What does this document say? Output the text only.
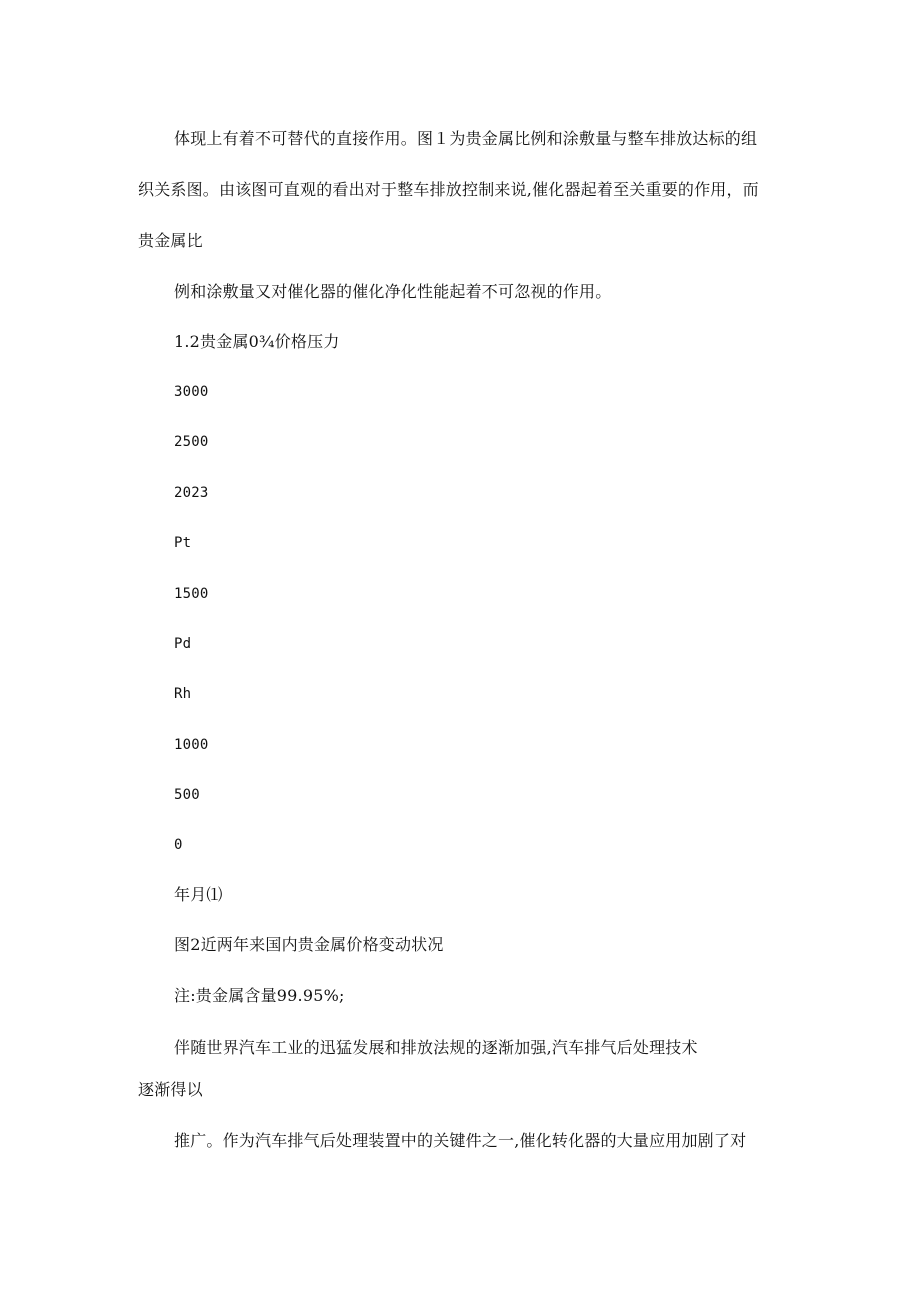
体现上有着不可替代的直接作用。图１为贵金属比例和涂敷量与整车排放达标的组
织关系图。由该图可直观的看出对于整车排放控制来说,催化器起着至关重要的作用，而
贵金属比
例和涂敷量又对催化器的催化净化性能起着不可忽视的作用。
1.2贵金属0¾价格压力
3000
2500
2023
Pt
1500
Pd
Rh
1000
500
0
年月⑴
图2近两年来国内贵金属价格变动状况
注:贵金属含量99.95%;
伴随世界汽车工业的迅猛发展和排放法规的逐渐加强,汽车排气后处理技术
逐渐得以
推广。作为汽车排气后处理装置中的关键件之一,催化转化器的大量应用加剧了对
